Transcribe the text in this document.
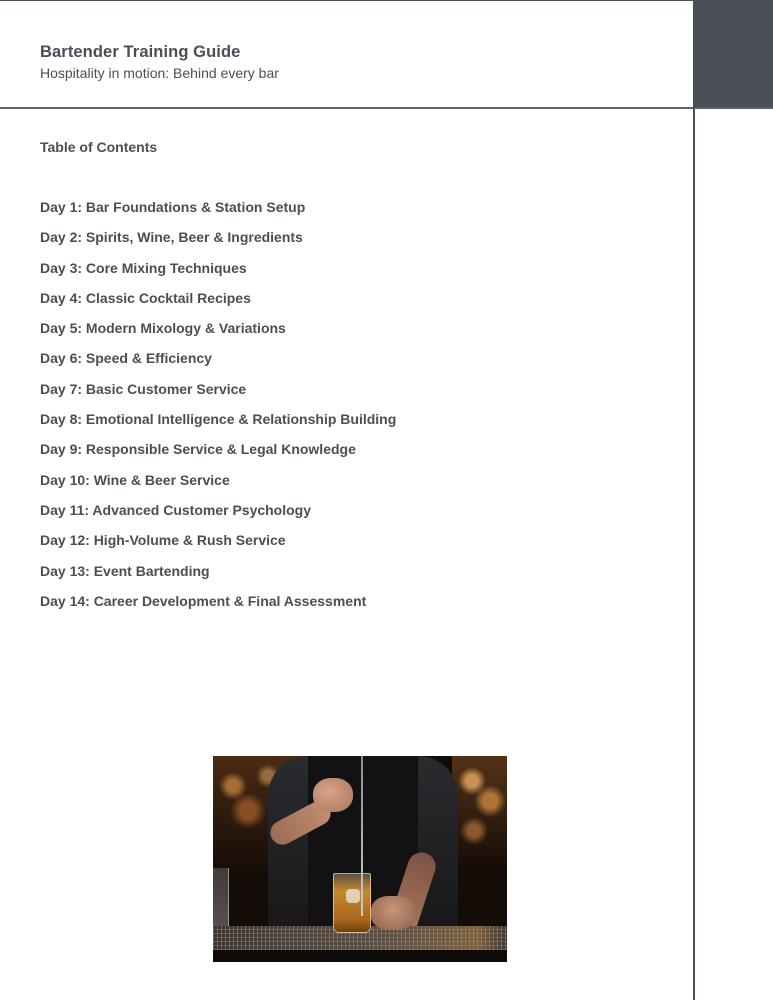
Bartender Training Guide
Hospitality in motion: Behind every bar
Table of Contents
Day 1: Bar Foundations & Station Setup
Day 2: Spirits, Wine, Beer & Ingredients
Day 3: Core Mixing Techniques
Day 4: Classic Cocktail Recipes
Day 5: Modern Mixology & Variations
Day 6: Speed & Efficiency
Day 7: Basic Customer Service
Day 8: Emotional Intelligence & Relationship Building
Day 9: Responsible Service & Legal Knowledge
Day 10: Wine & Beer Service
Day 11: Advanced Customer Psychology
Day 12: High-Volume & Rush Service
Day 13: Event Bartending
Day 14: Career Development & Final Assessment
